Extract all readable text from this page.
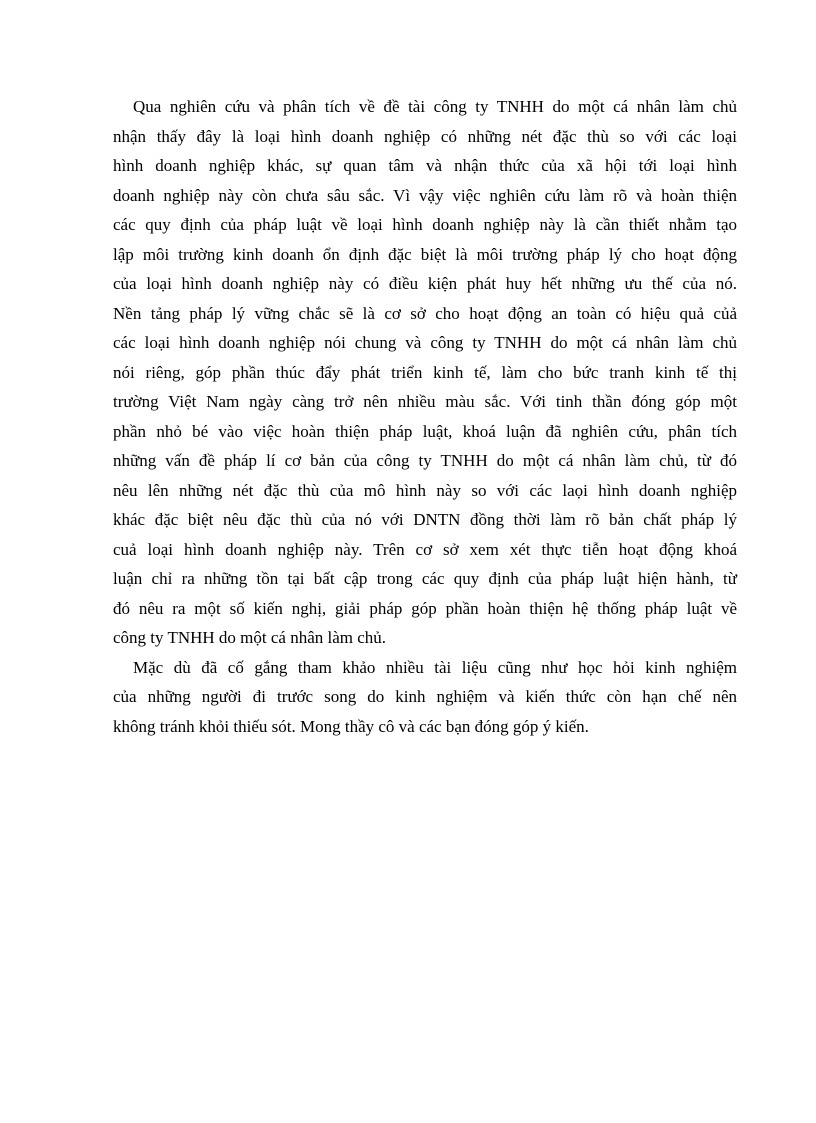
Qua nghiên cứu và phân tích về đề tài công ty TNHH do một cá nhân làm chủ
nhận thấy đây là loại hình doanh nghiệp có những nét đặc thù so với các loại
hình doanh nghiệp khác, sự quan tâm và nhận thức của xã hội tới loại hình
doanh nghiệp này còn chưa sâu sắc. Vì vậy việc nghiên cứu làm rõ và hoàn thiện
các quy định của pháp luật về loại hình doanh nghiệp này là cần thiết nhằm tạo
lập môi trường kinh doanh ổn định đặc biệt là môi trường pháp lý cho hoạt động
của loại hình doanh nghiệp này có điều kiện phát huy hết những ưu thế của nó.
Nền tảng pháp lý vững chắc sẽ là cơ sở cho hoạt động an toàn có hiệu quả củả
các loại hình doanh nghiệp nói chung và công ty TNHH do một cá nhân làm chủ
nói riêng, góp phần thúc đẩy phát triển kinh tế, làm cho bức tranh kinh tế thị
trường Việt Nam ngày càng trở nên nhiều màu sắc. Với tinh thần đóng góp một
phần nhỏ bé vào việc hoàn thiện pháp luật, khoá luận đã nghiên cứu, phân tích
những vấn đề pháp lí cơ bản của công ty TNHH do một cá nhân làm chủ, từ đó
nêu lên những nét đặc thù của mô hình này so với các laọi hình doanh nghiệp
khác đặc biệt nêu đặc thù của nó với DNTN đồng thời làm rõ bản chất pháp lý
cuả loại hình doanh nghiệp này. Trên cơ sở xem xét thực tiễn hoạt động khoá
luận chỉ ra những tồn tại bất cập trong các quy định của pháp luật hiện hành, từ
đó nêu ra một số kiến nghị, giải pháp góp phần hoàn thiện hệ thống pháp luật về
công ty TNHH do một cá nhân làm chủ.

Mặc dù đã cố gắng tham khảo nhiều tài liệu cũng như học hỏi kinh nghiệm
của những người đi trước song do kinh nghiệm và kiến thức còn hạn chế nên
không tránh khỏi thiếu sót. Mong thầy cô và các bạn đóng góp ý kiến.
